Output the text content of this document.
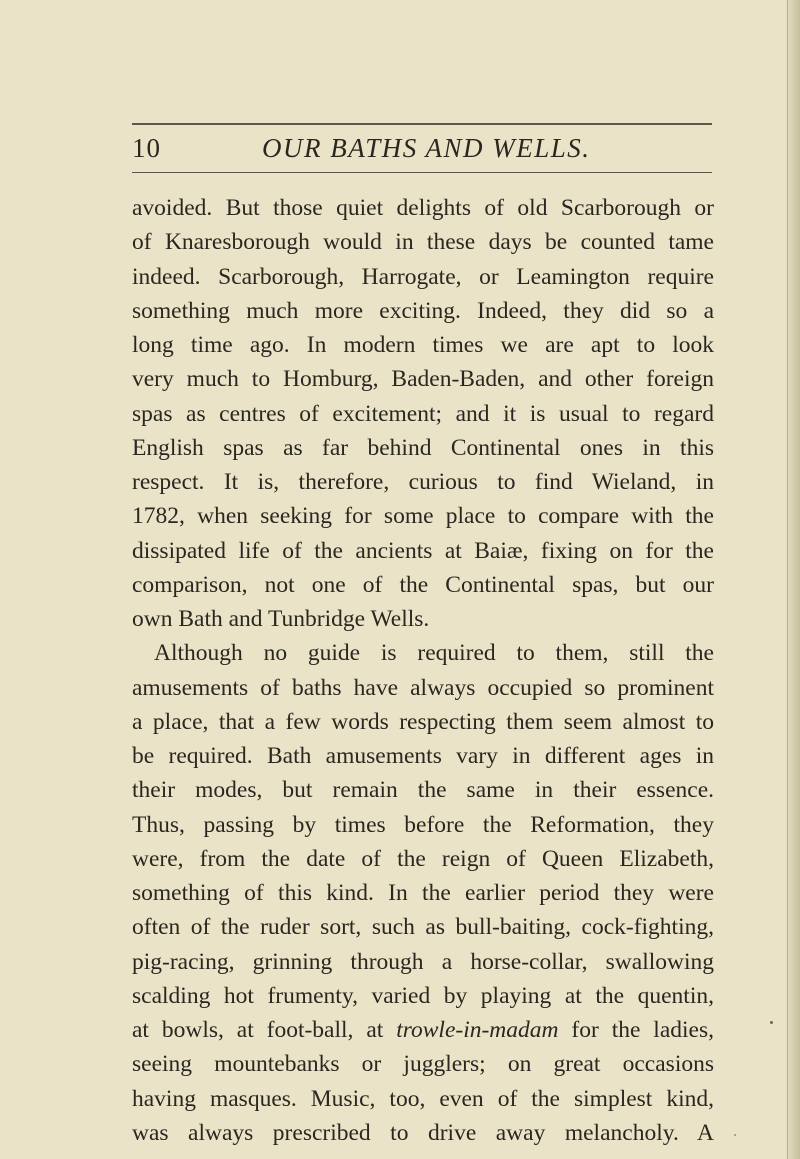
10	OUR BATHS AND WELLS.
avoided. But those quiet delights of old Scarborough or
of Knaresborough would in these days be counted tame
indeed. Scarborough, Harrogate, or Leamington require
something much more exciting. Indeed, they did so a
long time ago. In modern times we are apt to look
very much to Homburg, Baden-Baden, and other foreign
spas as centres of excitement; and it is usual to regard
English spas as far behind Continental ones in this
respect. It is, therefore, curious to find Wieland, in
1782, when seeking for some place to compare with the
dissipated life of the ancients at Baiæ, fixing on for the
comparison, not one of the Continental spas, but our
own Bath and Tunbridge Wells.
Although no guide is required to them, still the
amusements of baths have always occupied so prominent
a place, that a few words respecting them seem almost to
be required. Bath amusements vary in different ages in
their modes, but remain the same in their essence.
Thus, passing by times before the Reformation, they
were, from the date of the reign of Queen Elizabeth,
something of this kind. In the earlier period they were
often of the ruder sort, such as bull-baiting, cock-fighting,
pig-racing, grinning through a horse-collar, swallowing
scalding hot frumenty, varied by playing at the quentin,
at bowls, at foot-ball, at trowle-in-madam for the ladies,
seeing mountebanks or jugglers; on great occasions
having masques. Music, too, even of the simplest kind,
was always prescribed to drive away melancholy. A
